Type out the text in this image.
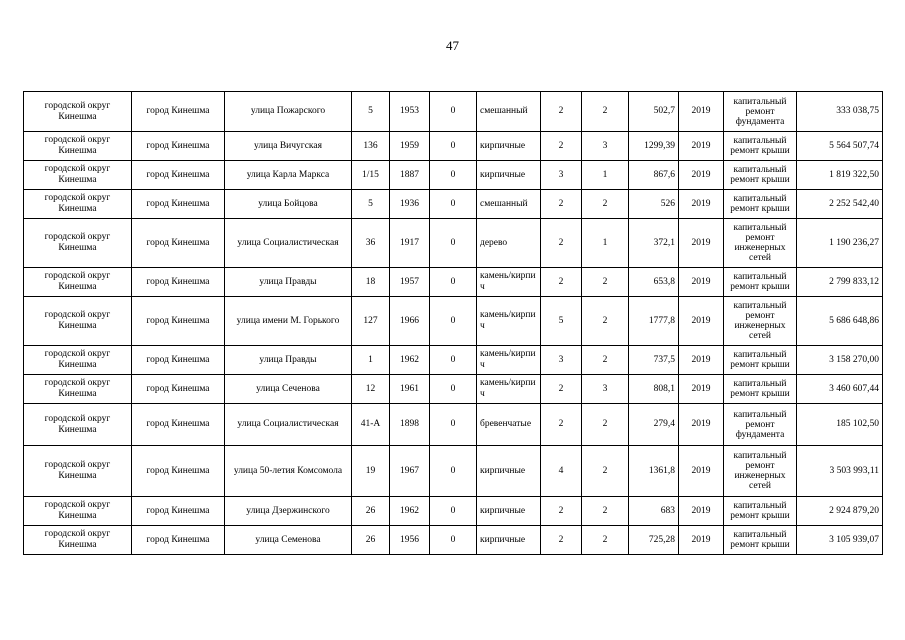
47
городской округ Кинешма	город Кинешма	улица Пожарского	5	1953	0	смешанный	2	2	502,7	2019	капитальный ремонт фундамента	333 038,75
городской округ Кинешма	город Кинешма	улица Вичугская	136	1959	0	кирпичные	2	3	1299,39	2019	капитальный ремонт крыши	5 564 507,74
городской округ Кинешма	город Кинешма	улица Карла Маркса	1/15	1887	0	кирпичные	3	1	867,6	2019	капитальный ремонт крыши	1 819 322,50
городской округ Кинешма	город Кинешма	улица Бойцова	5	1936	0	смешанный	2	2	526	2019	капитальный ремонт крыши	2 252 542,40
городской округ Кинешма	город Кинешма	улица Социалистическая	36	1917	0	дерево	2	1	372,1	2019	капитальный ремонт инженерных сетей	1 190 236,27
городской округ Кинешма	город Кинешма	улица Правды	18	1957	0	камень/кирпич	2	2	653,8	2019	капитальный ремонт крыши	2 799 833,12
городской округ Кинешма	город Кинешма	улица имени М. Горького	127	1966	0	камень/кирпич	5	2	1777,8	2019	капитальный ремонт инженерных сетей	5 686 648,86
городской округ Кинешма	город Кинешма	улица Правды	1	1962	0	камень/кирпич	3	2	737,5	2019	капитальный ремонт крыши	3 158 270,00
городской округ Кинешма	город Кинешма	улица Сеченова	12	1961	0	камень/кирпич	2	3	808,1	2019	капитальный ремонт крыши	3 460 607,44
городской округ Кинешма	город Кинешма	улица Социалистическая	41-А	1898	0	бревенчатые	2	2	279,4	2019	капитальный ремонт фундамента	185 102,50
городской округ Кинешма	город Кинешма	улица 50-летия Комсомола	19	1967	0	кирпичные	4	2	1361,8	2019	капитальный ремонт инженерных сетей	3 503 993,11
городской округ Кинешма	город Кинешма	улица Дзержинского	26	1962	0	кирпичные	2	2	683	2019	капитальный ремонт крыши	2 924 879,20
городской округ Кинешма	город Кинешма	улица Семенова	26	1956	0	кирпичные	2	2	725,28	2019	капитальный ремонт крыши	3 105 939,07
